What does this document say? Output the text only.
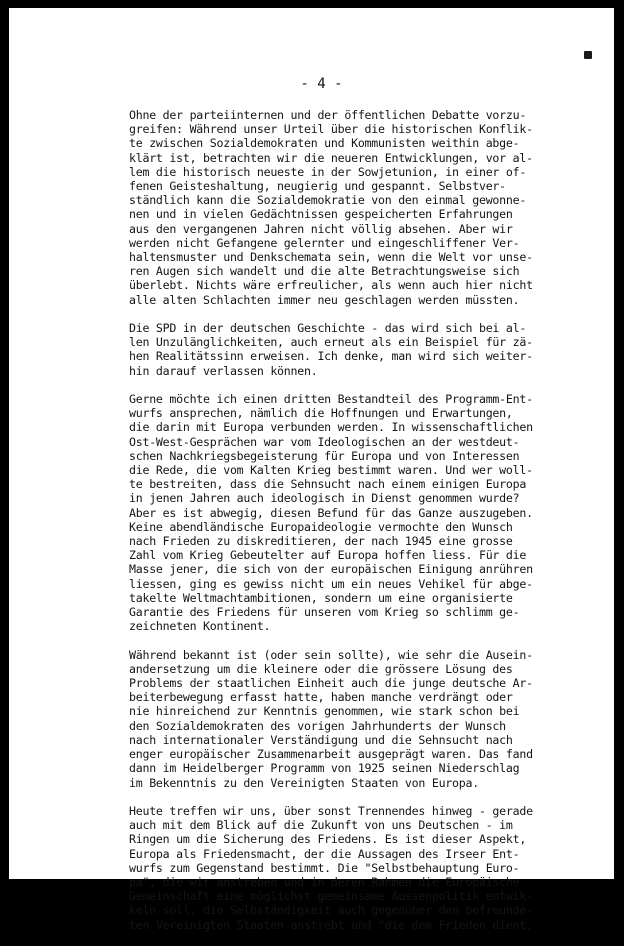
- 4 -
Ohne der parteiinternen und der öffentlichen Debatte vorzu-
greifen: Während unser Urteil über die historischen Konflik-
te zwischen Sozialdemokraten und Kommunisten weithin abge-
klärt ist, betrachten wir die neueren Entwicklungen, vor al-
lem die historisch neueste in der Sowjetunion, in einer of-
fenen Geisteshaltung, neugierig und gespannt. Selbstver-
ständlich kann die Sozialdemokratie von den einmal gewonne-
nen und in vielen Gedächtnissen gespeicherten Erfahrungen
aus den vergangenen Jahren nicht völlig absehen. Aber wir
werden nicht Gefangene gelernter und eingeschliffener Ver-
haltensmuster und Denkschemata sein, wenn die Welt vor unse-
ren Augen sich wandelt und die alte Betrachtungsweise sich
überlebt. Nichts wäre erfreulicher, als wenn auch hier nicht
alle alten Schlachten immer neu geschlagen werden müssten.
Die SPD in der deutschen Geschichte - das wird sich bei al-
len Unzulänglichkeiten, auch erneut als ein Beispiel für zä-
hen Realitätssinn erweisen. Ich denke, man wird sich weiter-
hin darauf verlassen können.
Gerne möchte ich einen dritten Bestandteil des Programm-Ent-
wurfs ansprechen, nämlich die Hoffnungen und Erwartungen,
die darin mit Europa verbunden werden. In wissenschaftlichen
Ost-West-Gesprächen war vom Ideologischen an der westdeut-
schen Nachkriegsbegeisterung für Europa und von Interessen
die Rede, die vom Kalten Krieg bestimmt waren. Und wer woll-
te bestreiten, dass die Sehnsucht nach einem einigen Europa
in jenen Jahren auch ideologisch in Dienst genommen wurde?
Aber es ist abwegig, diesen Befund für das Ganze auszugeben.
Keine abendländische Europaideologie vermochte den Wunsch
nach Frieden zu diskreditieren, der nach 1945 eine grosse
Zahl vom Krieg Gebeutelter auf Europa hoffen liess. Für die
Masse jener, die sich von der europäischen Einigung anrühren
liessen, ging es gewiss nicht um ein neues Vehikel für abge-
takelte Weltmachtambitionen, sondern um eine organisierte
Garantie des Friedens für unseren vom Krieg so schlimm ge-
zeichneten Kontinent.
Während bekannt ist (oder sein sollte), wie sehr die Ausein-
andersetzung um die kleinere oder die grössere Lösung des
Problems der staatlichen Einheit auch die junge deutsche Ar-
beiterbewegung erfasst hatte, haben manche verdrängt oder
nie hinreichend zur Kenntnis genommen, wie stark schon bei
den Sozialdemokraten des vorigen Jahrhunderts der Wunsch
nach internationaler Verständigung und die Sehnsucht nach
enger europäischer Zusammenarbeit ausgeprägt waren. Das fand
dann im Heidelberger Programm von 1925 seinen Niederschlag
im Bekenntnis zu den Vereinigten Staaten von Europa.
Heute treffen wir uns, über sonst Trennendes hinweg - gerade
auch mit dem Blick auf die Zukunft von uns Deutschen - im
Ringen um die Sicherung des Friedens. Es ist dieser Aspekt,
Europa als Friedensmacht, der die Aussagen des Irseer Ent-
wurfs zum Gegenstand bestimmt. Die "Selbstbehauptung Euro-
pa", die wir anstreben und in deren Rahmen die Europäische
Gemeinschaft eine möglichst gemeinsame Aussenpolitik entwik-
keln soll, die Selbständigkeit auch gegenüber den befreunde-
ten Vereinigten Staaten anstrebt und "die dem Frieden dient,
